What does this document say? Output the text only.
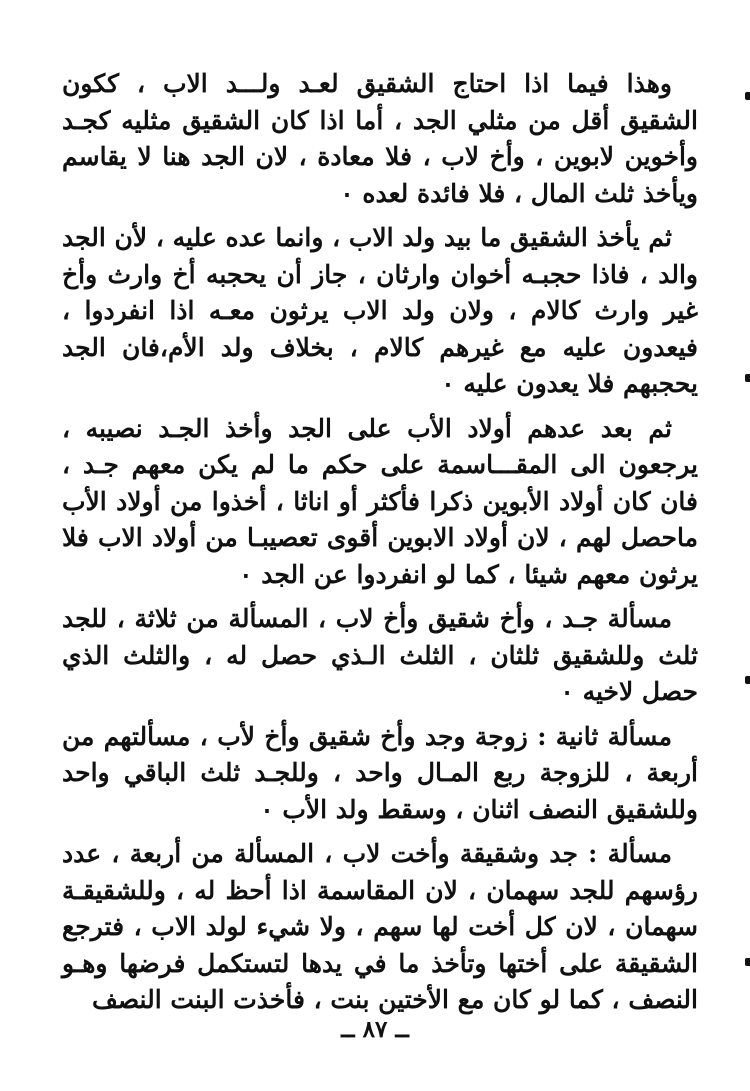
وهذا فيما اذا احتاج الشقيق لعـد ولـــد الاب ، ككون الشقيق أقل من مثلي الجد ، أما اذا كان الشقيق مثليه كجـد وأخوين لابوين ، وأخ لاب ، فلا معادة ، لان الجد هنا لا يقاسم ويأخذ ثلث المال ، فلا فائدة لعده ٠

ثم يأخذ الشقيق ما بيد ولد الاب ، وانما عده عليه ، لأن الجد والد ، فاذا حجبـه أخوان وارثان ، جاز أن يحجبه أخ وارث وأخ غير وارث كالام ، ولان ولد الاب يرثون معـه اذا انفردوا ، فيعدون عليه مع غيرهم كالام ، بخلاف ولد الأم،فان الجد يحجبهم فلا يعدون عليه ٠

ثم بعد عدهم أولاد الأب على الجد وأخذ الجـد نصيبه ، يرجعون الى المقـــاسمة على حكم ما لم يكن معهم جـد ، فان كان أولاد الأبوين ذكرا فأكثر أو اناثا ، أخذوا من أولاد الأب ماحصل لهم ، لان أولاد الابوين أقوى تعصيبـا من أولاد الاب فلا يرثون معهم شيئا ، كما لو انفردوا عن الجد ٠

مسألة جـد ، وأخ شقيق وأخ لاب ، المسألة من ثلاثة ، للجد ثلث وللشقيق ثلثان ، الثلث الـذي حصل له ، والثلث الذي حصل لاخيه ٠

مسألة ثانية : زوجة وجد وأخ شقيق وأخ لأب ، مسألتهم من أربعة ، للزوجة ربع المـال واحد ، وللجـد ثلث الباقي واحد وللشقيق النصف اثنان ، وسقط ولد الأب ٠

مسألة : جد وشقيقة وأخت لاب ، المسألة من أربعة ، عدد رؤسهم للجد سهمان ، لان المقاسمة اذا أحظ له ، وللشقيقـة سهمان ، لان كل أخت لها سهم ، ولا شيء لولد الاب ، فترجع الشقيقة على أختها وتأخذ ما في يدها لتستكمل فرضها وهـو النصف ، كما لو كان مع الأختين بنت ، فأخذت البنت النصف

ــ ٨٧ ــ
